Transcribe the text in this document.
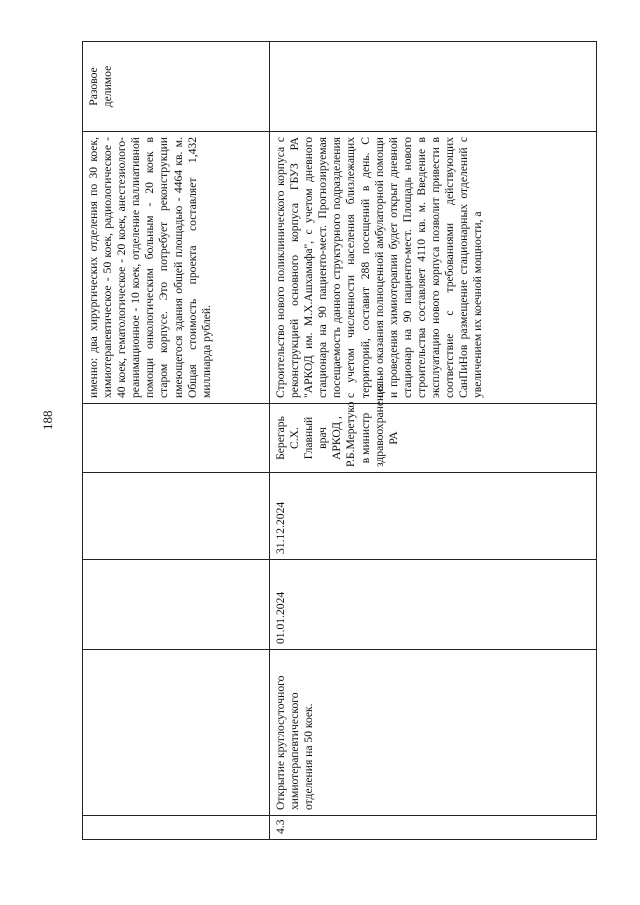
188
					именно: два хирургических отделения по 30 коек, химиотерапевтическое - 50 коек, радиологическое - 40 коек, гематологическое - 20 коек, анестезиолого-реанимационное - 10 коек, отделение паллиативной помощи онкологическим больным - 20 коек в старом корпусе. Это потребует реконструкции имеющегося здания общей площадью - 4464 кв. м. Общая стоимость проекта составляет 1,432 миллиарда рублей.	Разовое делимое
4.3	Открытие круглосуточного химиотерапевтического отделения на 50 коек.	01.01.2024	31.12.2024	Берегарь С.Х. Главный врач АРКОД , Р.Б.Меретуко в министр здравоохранения РА	Строительство нового поликлинического корпуса с реконструкцией основного корпуса ГБУЗ РА "АРКОД им. М.Х.Ашхамафа", с учетом дневного стационара на 90 пациенто-мест. Прогнозируемая посещаемость данного структурного подразделения с учетом численности населения близлежащих территорий, составит 288 посещений в день. С целью оказания полноценной амбулаторной помощи и проведения химиотерапии будет открыт дневной стационар на 90 пациенто-мест. Площадь нового строительства составляет 4110 кв. м. Введение в эксплуатацию нового корпуса позволит привести в соответствие с требованиями действующих СанПиНов размещение стационарных отделений с увеличением их коечной мощности, а	
